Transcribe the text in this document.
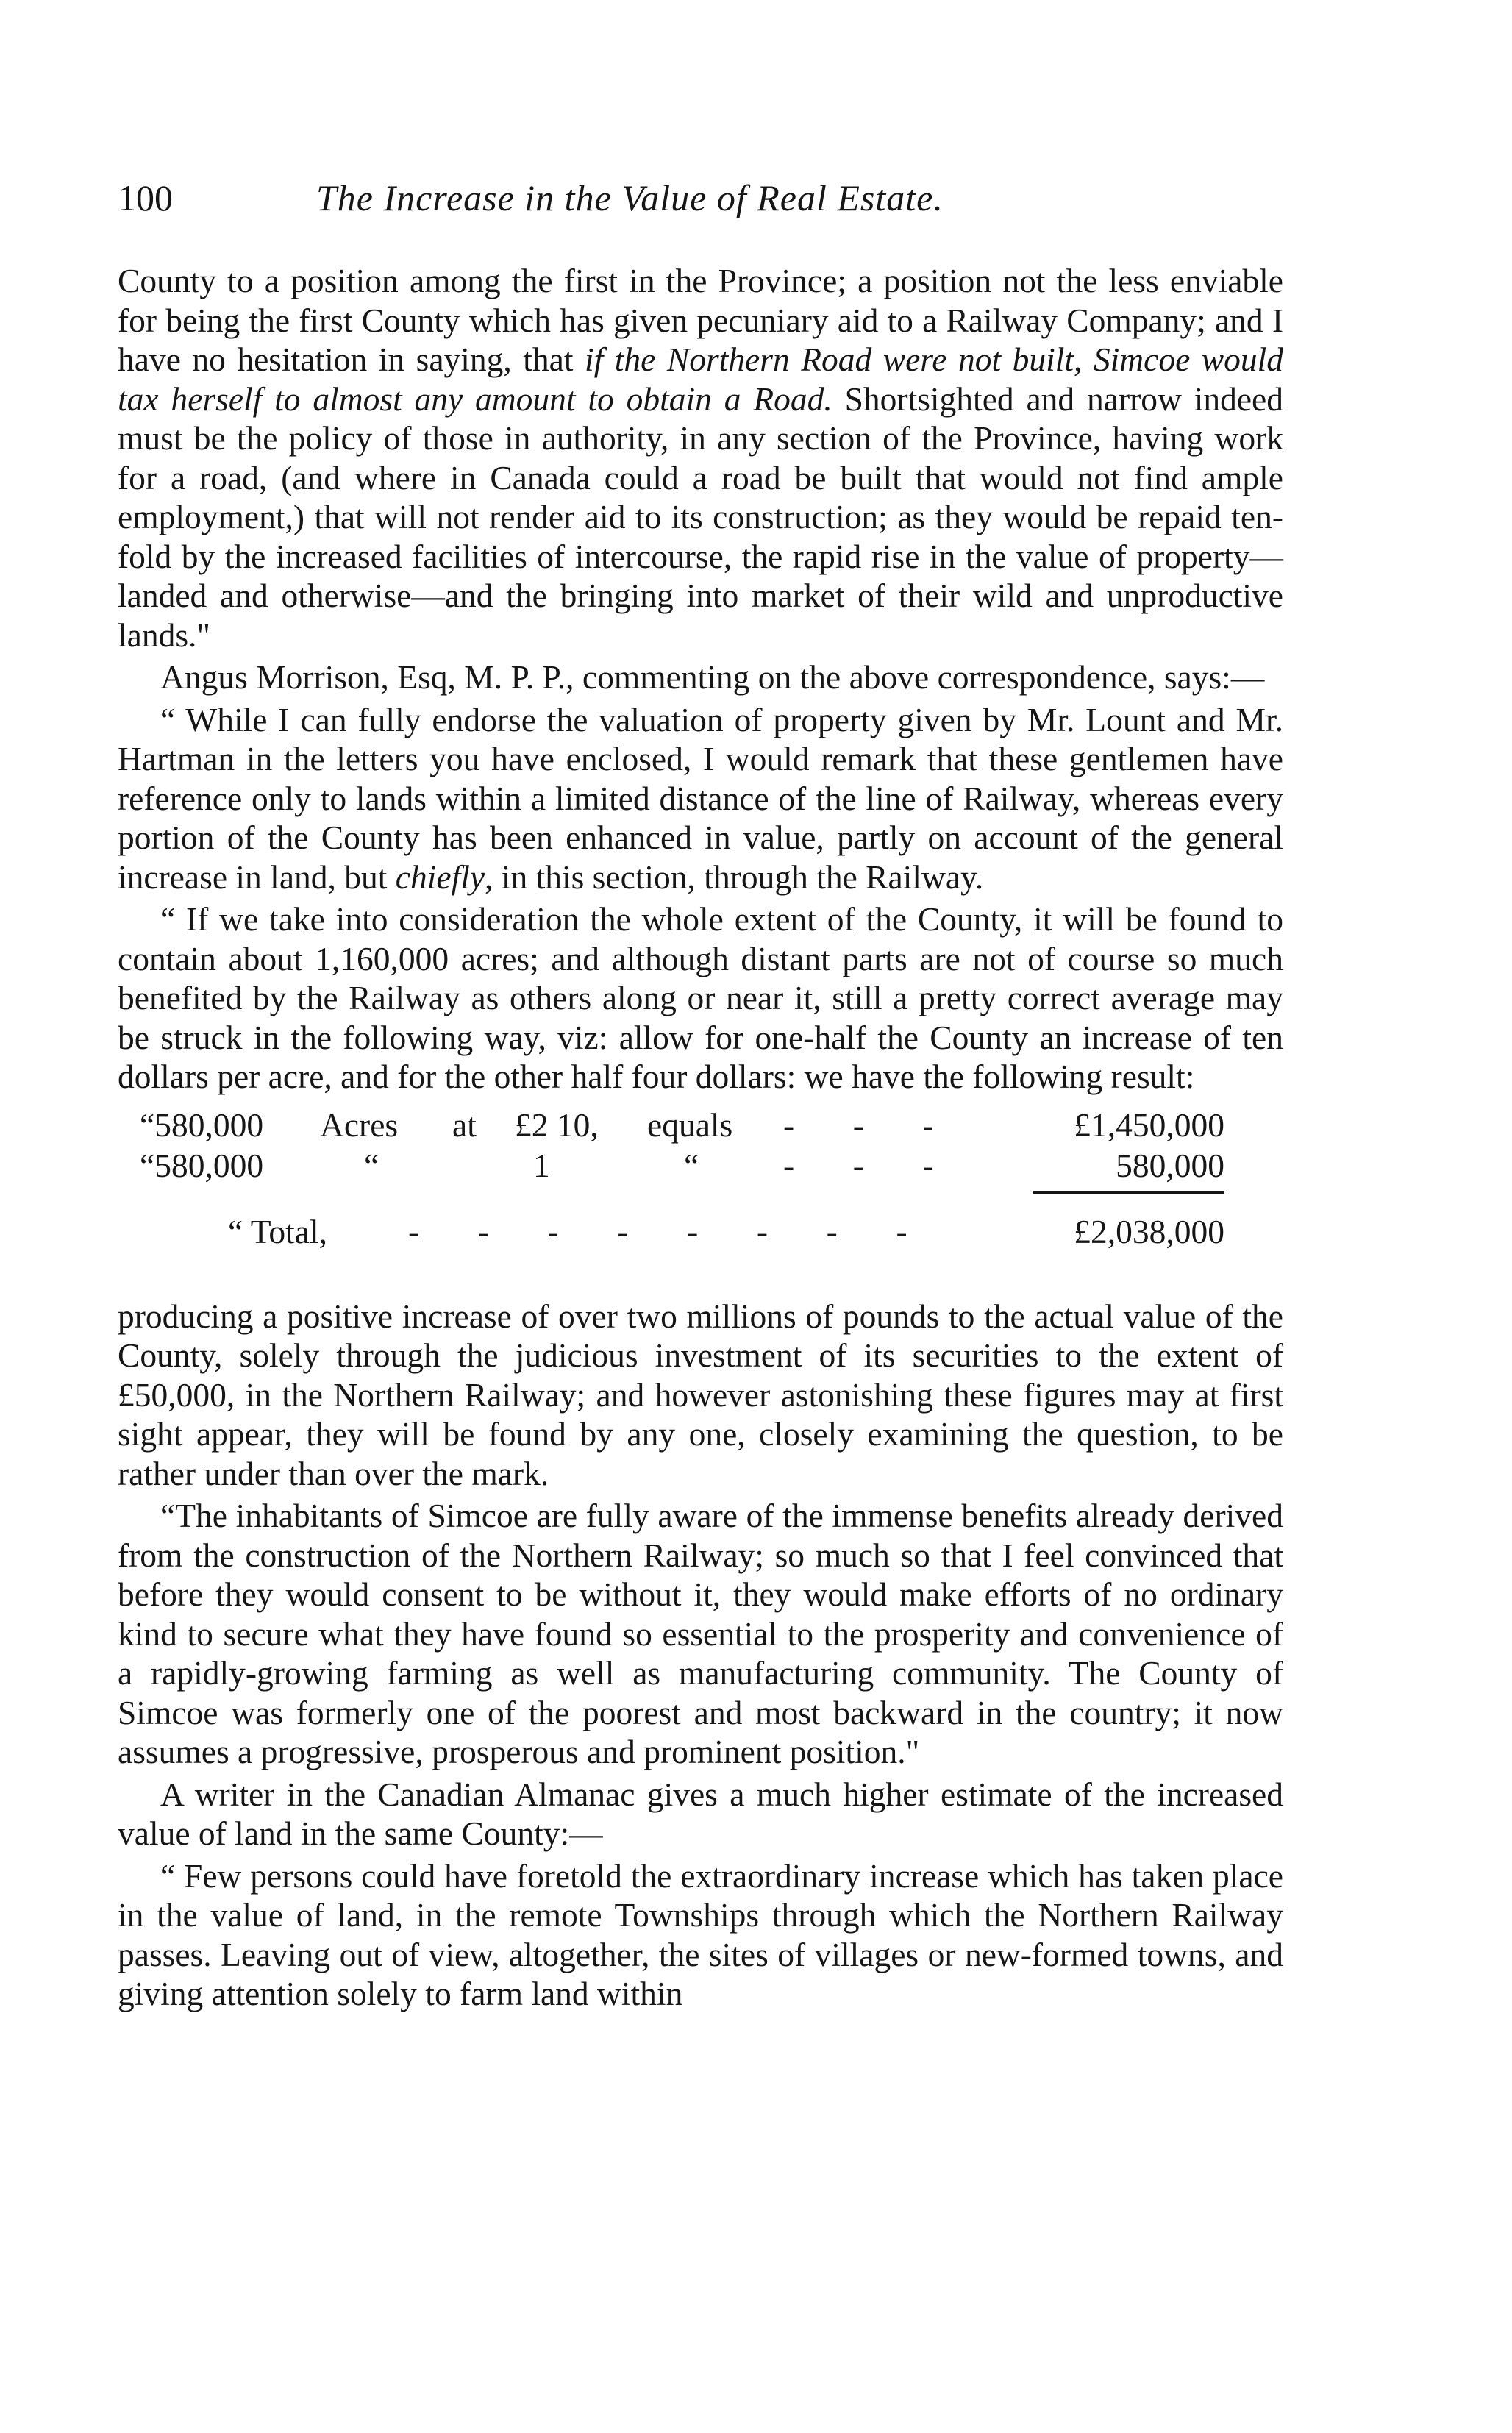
100	The Increase in the Value of Real Estate.

County to a position among the first in the Province; a position not the less enviable for being the first County which has given pecuniary aid to a Railway Company; and I have no hesitation in saying, that if the Northern Road were not built, Simcoe would tax herself to almost any amount to obtain a Road. Shortsighted and narrow indeed must be the policy of those in authority, in any section of the Province, having work for a road, (and where in Canada could a road be built that would not find ample employment,) that will not render aid to its construction; as they would be repaid ten-fold by the increased facilities of intercourse, the rapid rise in the value of property—landed and otherwise—and the bringing into market of their wild and unproductive lands."

Angus Morrison, Esq, M. P. P., commenting on the above correspondence, says:—

“ While I can fully endorse the valuation of property given by Mr. Lount and Mr. Hartman in the letters you have enclosed, I would remark that these gentlemen have reference only to lands within a limited distance of the line of Railway, whereas every portion of the County has been enhanced in value, partly on account of the general increase in land, but chiefly, in this section, through the Railway.

“ If we take into consideration the whole extent of the County, it will be found to contain about 1,160,000 acres; and although distant parts are not of course so much benefited by the Railway as others along or near it, still a pretty correct average may be struck in the following way, viz: allow for one-half the County an increase of ten dollars per acre, and for the other half four dollars: we have the following result:

“580,000 Acres at £2 10, equals -       -       -	£1,450,000
“580,000	“	1	“	-       -       -	580,000
“ Total, -       -       -       -       -       -       -       -	£2,038,000

producing a positive increase of over two millions of pounds to the actual value of the County, solely through the judicious investment of its securities to the extent of £50,000, in the Northern Railway; and however astonishing these figures may at first sight appear, they will be found by any one, closely examining the question, to be rather under than over the mark.

“The inhabitants of Simcoe are fully aware of the immense benefits already derived from the construction of the Northern Railway; so much so that I feel convinced that before they would consent to be without it, they would make efforts of no ordinary kind to secure what they have found so essential to the prosperity and convenience of a rapidly-growing farming as well as manufacturing community. The County of Simcoe was formerly one of the poorest and most backward in the country; it now assumes a progressive, prosperous and prominent position."

A writer in the Canadian Almanac gives a much higher estimate of the increased value of land in the same County:—

“ Few persons could have foretold the extraordinary increase which has taken place in the value of land, in the remote Townships through which the Northern Railway passes. Leaving out of view, altogether, the sites of villages or new-formed towns, and giving attention solely to farm land within
